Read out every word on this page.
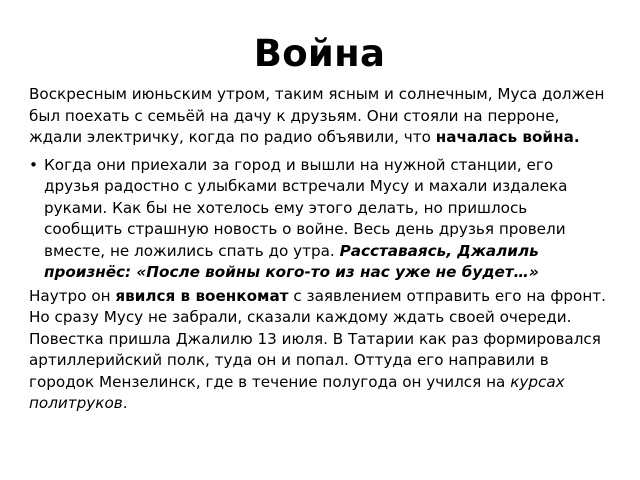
Война

Воскресным июньским утром, таким ясным и солнечным, Муса должен был поехать с семьёй на дачу к друзьям. Они стояли на перроне, ждали электричку, когда по радио объявили, что началась война.

• Когда они приехали за город и вышли на нужной станции, его друзья радостно с улыбками встречали Мусу и махали издалека руками. Как бы не хотелось ему этого делать, но пришлось сообщить страшную новость о войне. Весь день друзья провели вместе, не ложились спать до утра. Расставаясь, Джалиль произнёс: «После войны кого-то из нас уже не будет…»

Наутро он явился в военкомат с заявлением отправить его на фронт. Но сразу Мусу не забрали, сказали каждому ждать своей очереди. Повестка пришла Джалилю 13 июля. В Татарии как раз формировался артиллерийский полк, туда он и попал. Оттуда его направили в городок Мензелинск, где в течение полугода он учился на курсах политруков.
